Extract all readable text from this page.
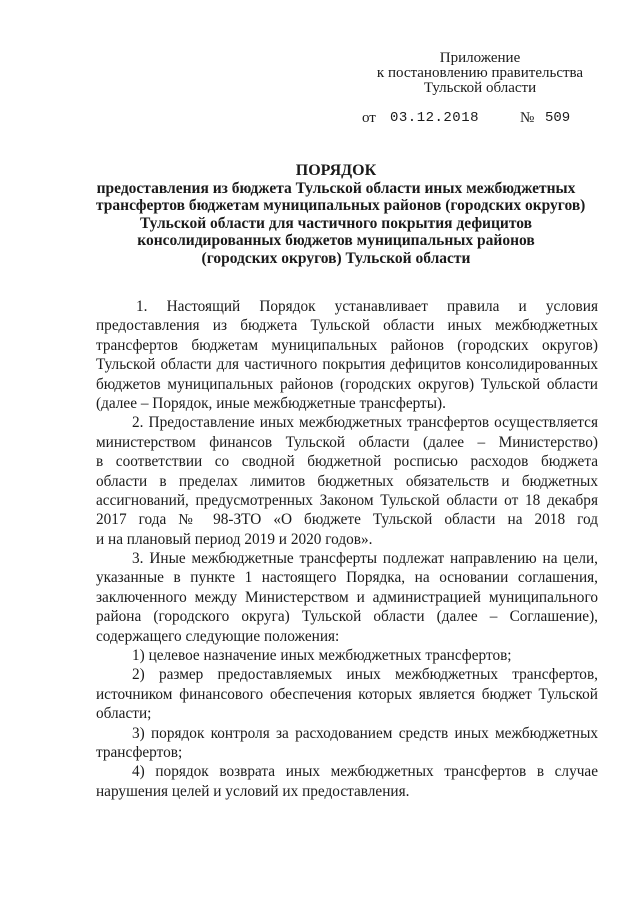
Приложение
к постановлению правительства
Тульской области
от 03.12.2018	№ 509
ПОРЯДОК
предоставления из бюджета Тульской области иных межбюджетных
трансфертов бюджетам муниципальных районов (городских округов)
Тульской области для частичного покрытия дефицитов
консолидированных бюджетов муниципальных районов
(городских округов) Тульской области
1. Настоящий Порядок устанавливает правила и условия
предоставления из бюджета Тульской области иных межбюджетных
трансфертов бюджетам муниципальных районов (городских округов)
Тульской области для частичного покрытия дефицитов консолидированных
бюджетов муниципальных районов (городских округов) Тульской области
(далее – Порядок, иные межбюджетные трансферты).
2. Предоставление иных межбюджетных трансфертов осуществляется
министерством финансов Тульской области (далее – Министерство)
в соответствии со сводной бюджетной росписью расходов бюджета
области в пределах лимитов бюджетных обязательств и бюджетных
ассигнований, предусмотренных Законом Тульской области от 18 декабря
2017 года № 98-ЗТО «О бюджете Тульской области на 2018 год
и на плановый период 2019 и 2020 годов».
3. Иные межбюджетные трансферты подлежат направлению на цели,
указанные в пункте 1 настоящего Порядка, на основании соглашения,
заключенного между Министерством и администрацией муниципального
района (городского округа) Тульской области (далее – Соглашение),
содержащего следующие положения:
1) целевое назначение иных межбюджетных трансфертов;
2) размер предоставляемых иных межбюджетных трансфертов,
источником финансового обеспечения которых является бюджет Тульской
области;
3) порядок контроля за расходованием средств иных межбюджетных
трансфертов;
4) порядок возврата иных межбюджетных трансфертов в случае
нарушения целей и условий их предоставления.
